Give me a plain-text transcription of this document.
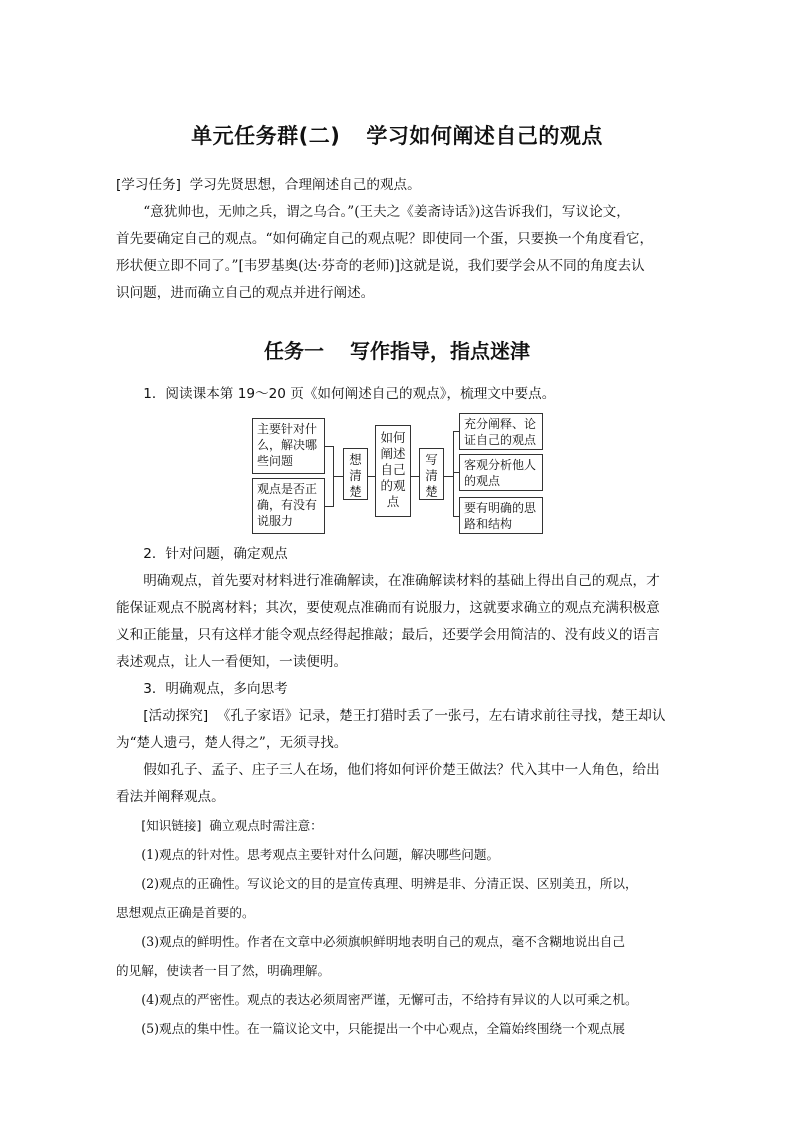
单元任务群(二) 学习如何阐述自己的观点

[学习任务] 学习先贤思想，合理阐述自己的观点。

“意犹帅也，无帅之兵，谓之乌合。”(王夫之《姜斋诗话》)这告诉我们，写议论文，

首先要确定自己的观点。“如何确定自己的观点呢？即使同一个蛋，只要换一个角度看它，

形状便立即不同了。”[韦罗基奥(达·芬奇的老师)]这就是说，我们要学会从不同的角度去认

识问题，进而确立自己的观点并进行阐述。

任务一 写作指导，指点迷津

1．阅读课本第 19～20 页《如何阐述自己的观点》，梳理文中要点。

主要针对什么，解决哪些问题
观点是否正确，有没有说服力
想清楚
如何阐述自己的观点
写清楚
充分阐释、论证自己的观点
客观分析他人的观点
要有明确的思路和结构

2．针对问题，确定观点

明确观点，首先要对材料进行准确解读，在准确解读材料的基础上得出自己的观点，才

能保证观点不脱离材料；其次，要使观点准确而有说服力，这就要求确立的观点充满积极意

义和正能量，只有这样才能令观点经得起推敲；最后，还要学会用简洁的、没有歧义的语言

表述观点，让人一看便知，一读便明。

3．明确观点，多向思考

[活动探究] 《孔子家语》记录，楚王打猎时丢了一张弓，左右请求前往寻找，楚王却认

为“楚人遗弓，楚人得之”，无须寻找。

假如孔子、孟子、庄子三人在场，他们将如何评价楚王做法？代入其中一人角色，给出

看法并阐释观点。

[知识链接] 确立观点时需注意：

(1)观点的针对性。思考观点主要针对什么问题，解决哪些问题。

(2)观点的正确性。写议论文的目的是宣传真理、明辨是非、分清正误、区别美丑，所以，

思想观点正确是首要的。

(3)观点的鲜明性。作者在文章中必须旗帜鲜明地表明自己的观点，毫不含糊地说出自己

的见解，使读者一目了然，明确理解。

(4)观点的严密性。观点的表达必须周密严谨，无懈可击，不给持有异议的人以可乘之机。

(5)观点的集中性。在一篇议论文中，只能提出一个中心观点，全篇始终围绕一个观点展
